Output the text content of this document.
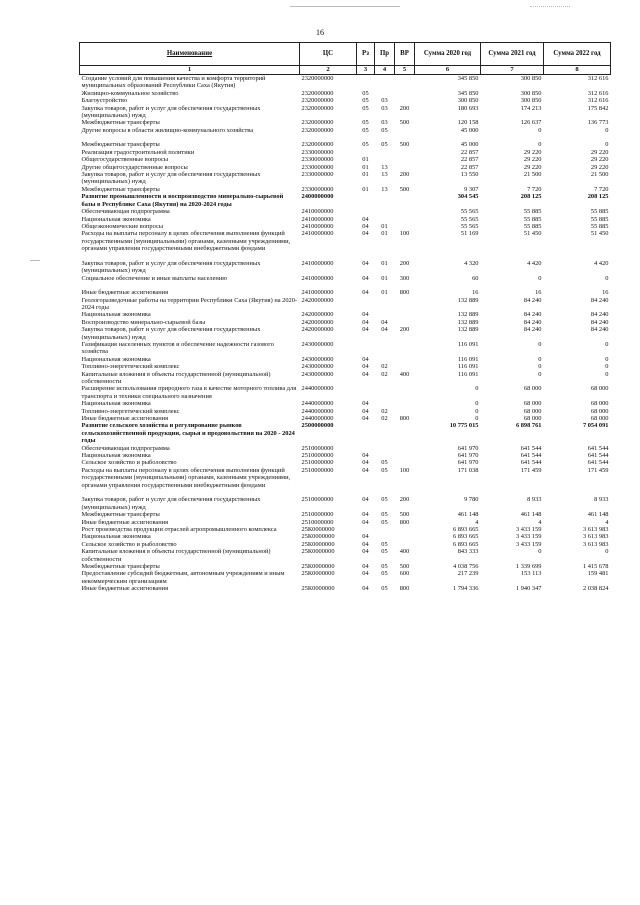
16
Наименование	ЦС	Рз	Пр	ВР	Сумма 2020 год	Сумма 2021 год	Сумма 2022 год
1	2	3	4	5	6	7	8
Создание условий для повышения качества и комфорта территорий муниципальных образований Республики Саха (Якутия)	2320000000				345 850	300 850	312 616
Жилищно-коммунальное хозяйство	2320000000	05			345 850	300 850	312 616
Благоустройство	2320000000	05	03		300 850	300 850	312 616
Закупка товаров, работ и услуг для обеспечения государственных (муниципальных) нужд	2320000000	05	03	200	180 693	174 213	175 842
Межбюджетные трансферты	2320000000	05	03	500	120 158	126 637	136 773
Другие вопросы в области жилищно-коммунального хозяйства	2320000000	05	05		45 000	0	0

Межбюджетные трансферты	2320000000	05	05	500	45 000	0	0
Реализация градостроительной политики	2330000000				22 857	29 220	29 220
Общегосударственные вопросы	2330000000	01			22 857	29 220	29 220
Другие общегосударственные вопросы	2330000000	01	13		22 857	29 220	29 220
Закупка товаров, работ и услуг для обеспечения государственных (муниципальных) нужд	2330000000	01	13	200	13 550	21 500	21 500
Межбюджетные трансферты	2330000000	01	13	500	9 307	7 720	7 720
Развитие промышленности и воспроизводство минерально-сырьевой базы в Республике Саха (Якутия) на 2020-2024 годы	2400000000				304 545	208 125	208 125
Обеспечивающая подпрограмма	2410000000				55 565	55 885	55 885
Национальная экономика	2410000000	04			55 565	55 885	55 885
Общеэкономические вопросы	2410000000	04	01		55 565	55 885	55 885
Расходы на выплаты персоналу в целях обеспечения выполнения функций государственными (муниципальными) органами, казенными учреждениями, органами управления государственными внебюджетными фондами	2410000000	04	01	100	51 169	51 450	51 450

Закупка товаров, работ и услуг для обеспечения государственных (муниципальных) нужд	2410000000	04	01	200	4 320	4 420	4 420
Социальное обеспечение и иные выплаты населению	2410000000	04	01	300	60	0	0

Иные бюджетные ассигнования	2410000000	04	01	800	16	16	16
Геологоразведочные работы на территории Республики Саха (Якутия) на 2020-2024 годы	2420000000				132 889	84 240	84 240
Национальная экономика	2420000000	04			132 889	84 240	84 240
Воспроизводство минерально-сырьевой базы	2420000000	04	04		132 889	84 240	84 240
Закупка товаров, работ и услуг для обеспечения государственных (муниципальных) нужд	2420000000	04	04	200	132 889	84 240	84 240
Газификация населенных пунктов и обеспечение надежности газового хозяйства	2430000000				116 091	0	0
Национальная экономика	2430000000	04			116 091	0	0
Топливно-энергетический комплекс	2430000000	04	02		116 091	0	0
Капитальные вложения в объекты государственной (муниципальной) собственности	2430000000	04	02	400	116 091	0	0
Расширение использования природного газа в качестве моторного топлива для транспорта и техники специального назначения	2440000000				0	68 000	68 000
Национальная экономика	2440000000	04			0	68 000	68 000
Топливно-энергетический комплекс	2440000000	04	02		0	68 000	68 000
Иные бюджетные ассигнования	2440000000	04	02	800	0	68 000	68 000
Развитие сельского хозяйства и регулирование рынков сельскохозяйственной продукции, сырья и продовольствия на 2020 - 2024 годы	2500000000				10 775 015	6 898 761	7 054 091
Обеспечивающая подпрограмма	2510000000				641 970	641 544	641 544
Национальная экономика	2510000000	04			641 970	641 544	641 544
Сельское хозяйство и рыболовство	2510000000	04	05		641 970	641 544	641 544
Расходы на выплаты персоналу в целях обеспечения выполнения функций государственными (муниципальными) органами, казенными учреждениями, органами управления государственными внебюджетными фондами	2510000000	04	05	100	171 038	171 459	171 459

Закупка товаров, работ и услуг для обеспечения государственных (муниципальных) нужд	2510000000	04	05	200	9 780	8 933	8 933
Межбюджетные трансферты	2510000000	04	05	500	461 148	461 148	461 148
Иные бюджетные ассигнования	2510000000	04	05	800	4	4	4
Рост производства продукции отраслей агропромышленного комплекса	25К0000000				6 893 665	3 433 159	3 613 983
Национальная экономика	25К0000000	04			6 893 665	3 433 159	3 613 983
Сельское хозяйство и рыболовство	25К0000000	04	05		6 893 665	3 433 159	3 613 983
Капитальные вложения в объекты государственной (муниципальной) собственности	25К0000000	04	05	400	843 333	0	0
Межбюджетные трансферты	25К0000000	04	05	500	4 038 756	1 339 699	1 415 678
Предоставление субсидий бюджетным, автономным учреждениям и иным некоммерческим организациям	25К0000000	04	05	600	217 239	153 113	159 481
Иные бюджетные ассигнования	25К0000000	04	05	800	1 794 336	1 940 347	2 038 824
